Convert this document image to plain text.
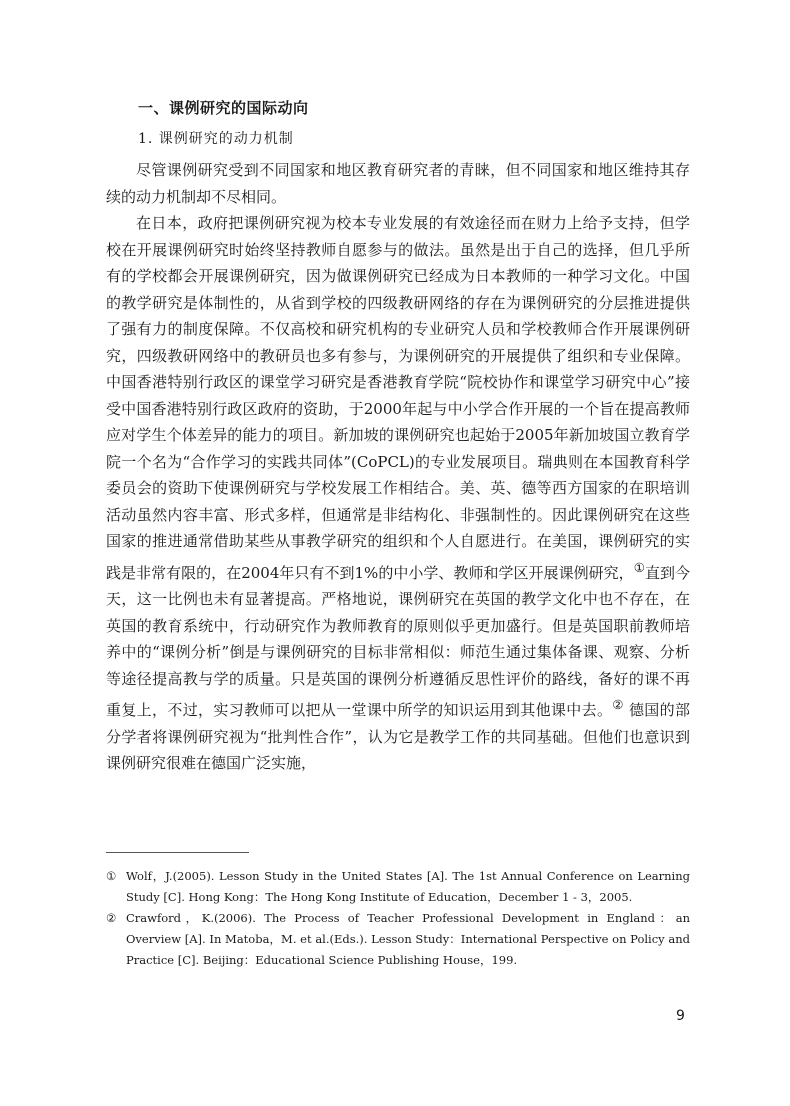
一、课例研究的国际动向
1. 课例研究的动力机制

尽管课例研究受到不同国家和地区教育研究者的青睐，但不同国家和地区维持其存续的动力机制却不尽相同。

在日本，政府把课例研究视为校本专业发展的有效途径而在财力上给予支持，但学校在开展课例研究时始终坚持教师自愿参与的做法。虽然是出于自己的选择，但几乎所有的学校都会开展课例研究，因为做课例研究已经成为日本教师的一种学习文化。中国的教学研究是体制性的，从省到学校的四级教研网络的存在为课例研究的分层推进提供了强有力的制度保障。不仅高校和研究机构的专业研究人员和学校教师合作开展课例研究，四级教研网络中的教研员也多有参与，为课例研究的开展提供了组织和专业保障。中国香港特别行政区的课堂学习研究是香港教育学院“院校协作和课堂学习研究中心”接受中国香港特别行政区政府的资助，于2000年起与中小学合作开展的一个旨在提高教师应对学生个体差异的能力的项目。新加坡的课例研究也起始于2005年新加坡国立教育学院一个名为“合作学习的实践共同体”(CoPCL)的专业发展项目。瑞典则在本国教育科学委员会的资助下使课例研究与学校发展工作相结合。美、英、德等西方国家的在职培训活动虽然内容丰富、形式多样，但通常是非结构化、非强制性的。因此课例研究在这些国家的推进通常借助某些从事教学研究的组织和个人自愿进行。在美国，课例研究的实践是非常有限的，在2004年只有不到1%的中小学、教师和学区开展课例研究，①直到今天，这一比例也未有显著提高。严格地说，课例研究在英国的教学文化中也不存在，在英国的教育系统中，行动研究作为教师教育的原则似乎更加盛行。但是英国职前教师培养中的“课例分析”倒是与课例研究的目标非常相似：师范生通过集体备课、观察、分析等途径提高教与学的质量。只是英国的课例分析遵循反思性评价的路线，备好的课不再重复上，不过，实习教师可以把从一堂课中所学的知识运用到其他课中去。② 德国的部分学者将课例研究视为“批判性合作”，认为它是教学工作的共同基础。但他们也意识到课例研究很难在德国广泛实施，

① Wolf，J.(2005). Lesson Study in the United States [A]. The 1st Annual Conference on Learning Study [C]. Hong Kong：The Hong Kong Institute of Education，December 1 - 3，2005.
② Crawford，K.(2006). The Process of Teacher Professional Development in England：an Overview [A]. In Matoba，M. et al.(Eds.). Lesson Study：International Perspective on Policy and Practice [C]. Beijing：Educational Science Publishing House，199.
9
